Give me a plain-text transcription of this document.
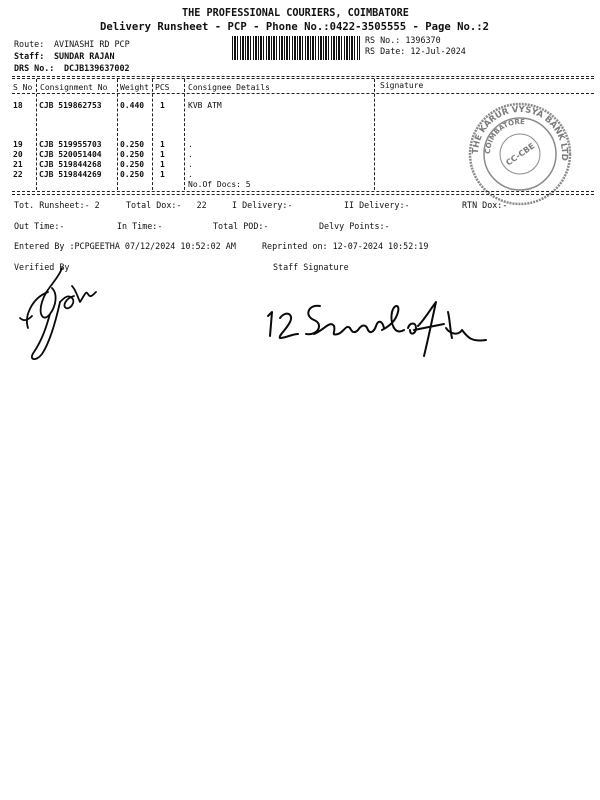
THE PROFESSIONAL COURIERS, COIMBATORE
Delivery Runsheet - PCP - Phone No.:0422-3505555 - Page No.:2
Route: AVINASHI RD PCP
Staff: SUNDAR RAJAN
DRS No.: DCJB139637002
RS No.: 1396370
RS Date: 12-Jul-2024
S No Consignment No Weight PCS Consignee Details	Signature
18 CJB 519862753 0.440 1	KVB ATM
19 CJB 519955703 0.250 1	.
20 CJB 520051404 0.250 1	.
21 CJB 519844268 0.250 1	.
22 CJB 519844269 0.250 1	.
No.Of Docs: 5
THE KARUR VYSYA BANK LTD
COIMBATORE
CC-CBE
Tot. Runsheet:- 2	Total Dox:-   22	I Delivery:-	II Delivery:-	RTN Dox:-
Out Time:-	In Time:-	Total POD:-	Delvy Points:-
Entered By :PCPGEETHA 07/12/2024 10:52:02 AM	Reprinted on: 12-07-2024 10:52:19
Verified By	Staff Signature
